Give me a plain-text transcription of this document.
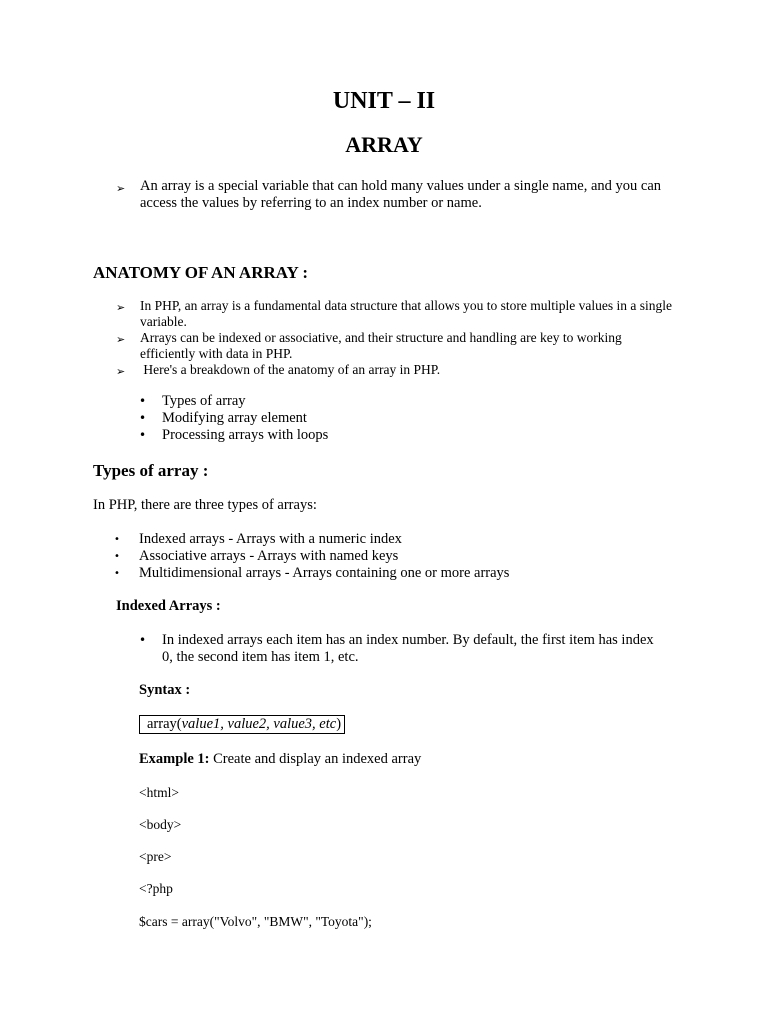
UNIT – II
ARRAY
➢	An array is a special variable that can hold many values under a single name, and you can access the values by referring to an index number or name.
ANATOMY OF AN ARRAY :
➢	In PHP, an array is a fundamental data structure that allows you to store multiple values in a single variable.
➢	Arrays can be indexed or associative, and their structure and handling are key to working efficiently with data in PHP.
➢	Here's a breakdown of the anatomy of an array in PHP.
•	Types of array
•	Modifying array element
•	Processing arrays with loops
Types of array :
In PHP, there are three types of arrays:
•	Indexed arrays - Arrays with a numeric index
•	Associative arrays - Arrays with named keys
•	Multidimensional arrays - Arrays containing one or more arrays
Indexed Arrays :
•	In indexed arrays each item has an index number. By default, the first item has index 0, the second item has item 1, etc.
Syntax :
array(value1, value2, value3, etc)
Example 1: Create and display an indexed array
<html>
<body>
<pre>
<?php
$cars = array("Volvo", "BMW", "Toyota");
